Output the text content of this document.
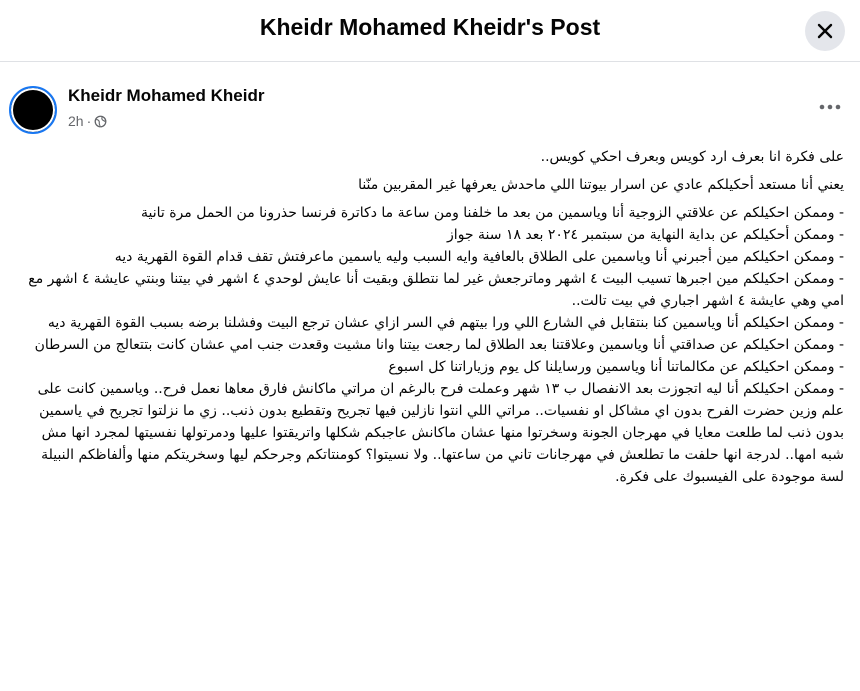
Kheidr Mohamed Kheidr's Post
Kheidr Mohamed Kheidr
2h ·

على فكرة انا بعرف ارد كويس وبعرف احكي كويس..

يعني أنا مستعد أحكيلكم عادي عن اسرار بيوتنا اللي ماحدش يعرفها غير المقربين منّنا

- وممكن احكيلكم عن علاقتي الزوجية أنا وياسمين من بعد ما خلفنا ومن ساعة ما دكاترة فرنسا حذرونا من الحمل مرة تانية

- وممكن أحكيلكم عن بداية النهاية من سبتمبر ٢٠٢٤ بعد ١٨ سنة جواز

- وممكن احكيلكم مين أجبرني أنا وياسمين على الطلاق بالعافية وايه السبب وليه ياسمين ماعرفتش تقف قدام القوة القهرية ديه

- وممكن احكيلكم مين اجبرها تسيب البيت ٤ اشهر وماترجعش غير لما نتطلق وبقيت أنا عايش لوحدي ٤ اشهر في بيتنا وبنتي عايشة ٤ اشهر مع امي وهي عايشة ٤ اشهر اجباري في بيت تالت..

- وممكن احكيلكم أنا وياسمين كنا بنتقابل في الشارع اللي ورا بيتهم في السر ازاي عشان ترجع البيت وفشلنا برضه بسبب القوة القهرية ديه

- وممكن احكيلكم عن صداقتي أنا وياسمين وعلاقتنا بعد الطلاق لما رجعت بيتنا وانا مشيت وقعدت جنب امي عشان كانت بتتعالج من السرطان

- وممكن احكيلكم عن مكالماتنا أنا وياسمين ورسايلنا كل يوم وزياراتنا كل اسبوع

- وممكن احكيلكم أنا ليه اتجوزت بعد الانفصال ب ١٣ شهر وعملت فرح بالرغم ان مراتي ماكانش فارق معاها نعمل فرح.. وياسمين كانت على علم وزين حضرت الفرح بدون اي مشاكل او نفسيات.. مراتي اللي انتوا نازلين فيها تجريح وتقطيع بدون ذنب.. زي ما نزلتوا تجريح في ياسمين بدون ذنب لما طلعت معايا في مهرجان الجونة وسخرتوا منها عشان ماكانش عاجبكم شكلها واتريقتوا عليها ودمرتولها نفسيتها لمجرد انها مش شبه امها.. لدرجة انها حلفت ما تطلعش في مهرجانات تاني من ساعتها.. ولا نسيتوا؟ كومنتاتكم وجرحكم ليها وسخريتكم منها وألفاظكم النبيلة لسة موجودة على الفيسبوك على فكرة.
